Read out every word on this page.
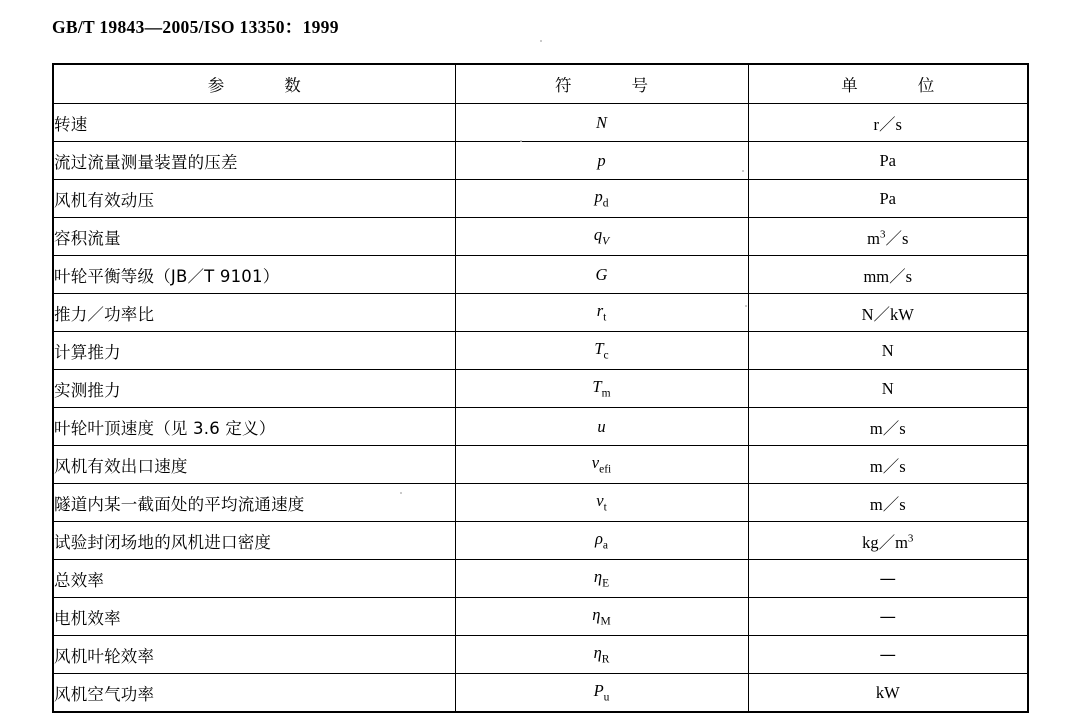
GB/T 19843—2005/ISO 13350：1999
参　　数	符　　号	单　　位
转速	N	r／s
流过流量测量装置的压差	p	Pa
风机有效动压	$p_d$	Pa
容积流量	$q_V$	$m^3/s$
叶轮平衡等级（JB／T 9101）	G	mm／s
推力／功率比	$r_t$	N／kW
计算推力	$T_c$	N
实测推力	$T_m$	N
叶轮叶顶速度（见 3.6 定义）	u	m／s
风机有效出口速度	$v_{efi}$	m／s
隧道内某一截面处的平均流通速度	$v_t$	m／s
试验封闭场地的风机进口密度	$\rho_a$	$kg/m^3$
总效率	$\eta_E$	—
电机效率	$\eta_M$	—
风机叶轮效率	$\eta_R$	—
风机空气功率	$P_u$	kW
